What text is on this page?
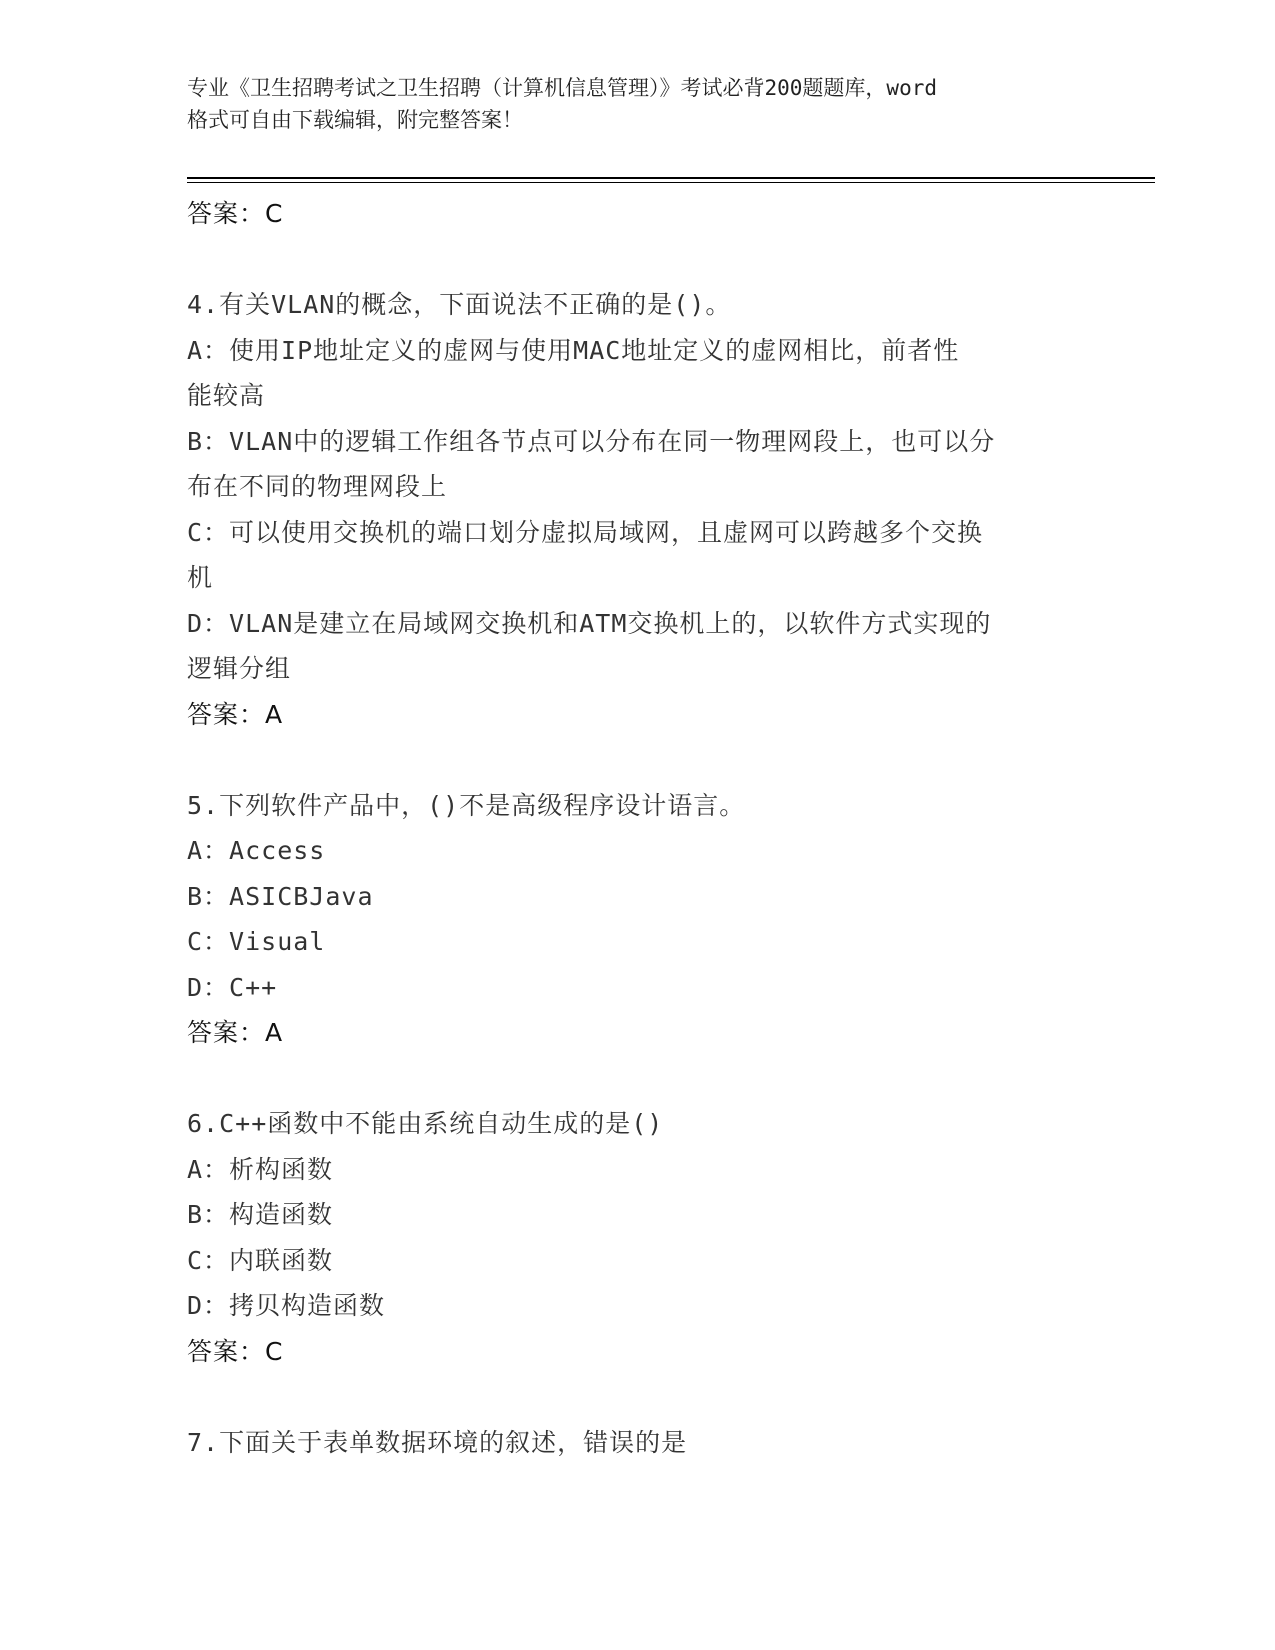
专业《卫生招聘考试之卫生招聘（计算机信息管理）》考试必背200题题库，word
格式可自由下载编辑，附完整答案！
答案：C
4.有关VLAN的概念，下面说法不正确的是()。
A：使用IP地址定义的虚网与使用MAC地址定义的虚网相比，前者性
能较高
B：VLAN中的逻辑工作组各节点可以分布在同一物理网段上，也可以分
布在不同的物理网段上
C：可以使用交换机的端口划分虚拟局域网，且虚网可以跨越多个交换
机
D：VLAN是建立在局域网交换机和ATM交换机上的，以软件方式实现的
逻辑分组
答案：A
5.下列软件产品中，()不是高级程序设计语言。
A：Access
B：ASICBJava
C：Visual
D：C++
答案：A
6.C++函数中不能由系统自动生成的是()
A：析构函数
B：构造函数
C：内联函数
D：拷贝构造函数
答案：C
7.下面关于表单数据环境的叙述，错误的是
